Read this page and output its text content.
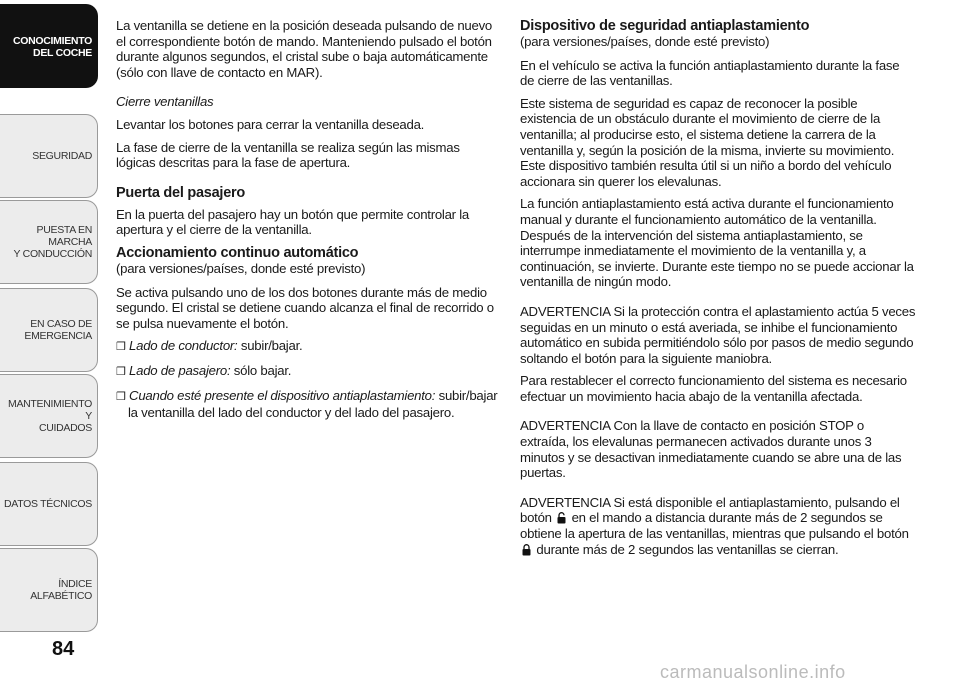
CONOCIMIENTO
DEL COCHE
SEGURIDAD
PUESTA EN MARCHA
Y CONDUCCIÓN
EN CASO DE
EMERGENCIA
MANTENIMIENTO Y
CUIDADOS
DATOS TÉCNICOS
ÍNDICE ALFABÉTICO
84

La ventanilla se detiene en la posición deseada pulsando de nuevo el correspondiente botón de mando. Manteniendo pulsado el botón durante algunos segundos, el cristal sube o baja automáticamente (sólo con llave de contacto en MAR).

Cierre ventanillas

Levantar los botones para cerrar la ventanilla deseada.

La fase de cierre de la ventanilla se realiza según las mismas lógicas descritas para la fase de apertura.

Puerta del pasajero

En la puerta del pasajero hay un botón que permite controlar la apertura y el cierre de la ventanilla.

Accionamiento continuo automático

(para versiones/países, donde esté previsto)

Se activa pulsando uno de los dos botones durante más de medio segundo. El cristal se detiene cuando alcanza el final de recorrido o se pulsa nuevamente el botón.

❒ Lado de conductor: subir/bajar.

❒ Lado de pasajero: sólo bajar.

❒ Cuando esté presente el dispositivo antiaplastamiento: subir/bajar la ventanilla del lado del conductor y del lado del pasajero.

Dispositivo de seguridad antiaplastamiento

(para versiones/países, donde esté previsto)

En el vehículo se activa la función antiaplastamiento durante la fase de cierre de las ventanillas.

Este sistema de seguridad es capaz de reconocer la posible existencia de un obstáculo durante el movimiento de cierre de la ventanilla; al producirse esto, el sistema detiene la carrera de la ventanilla y, según la posición de la misma, invierte su movimiento. Este dispositivo también resulta útil si un niño a bordo del vehículo accionara sin querer los elevalunas.

La función antiaplastamiento está activa durante el funcionamiento manual y durante el funcionamiento automático de la ventanilla. Después de la intervención del sistema antiaplastamiento, se interrumpe inmediatamente el movimiento de la ventanilla y, a continuación, se invierte. Durante este tiempo no se puede accionar la ventanilla de ningún modo.

ADVERTENCIA Si la protección contra el aplastamiento actúa 5 veces seguidas en un minuto o está averiada, se inhibe el funcionamiento automático en subida permitiéndolo sólo por pasos de medio segundo soltando el botón para la siguiente maniobra.

Para restablecer el correcto funcionamiento del sistema es necesario efectuar un movimiento hacia abajo de la ventanilla afectada.

ADVERTENCIA Con la llave de contacto en posición STOP o extraída, los elevalunas permanecen activados durante unos 3 minutos y se desactivan inmediatamente cuando se abre una de las puertas.

ADVERTENCIA Si está disponible el antiaplastamiento, pulsando el botón  en el mando a distancia durante más de 2 segundos se obtiene la apertura de las ventanillas, mientras que pulsando el botón  durante más de 2 segundos las ventanillas se cierran.

carmanualsonline.info
